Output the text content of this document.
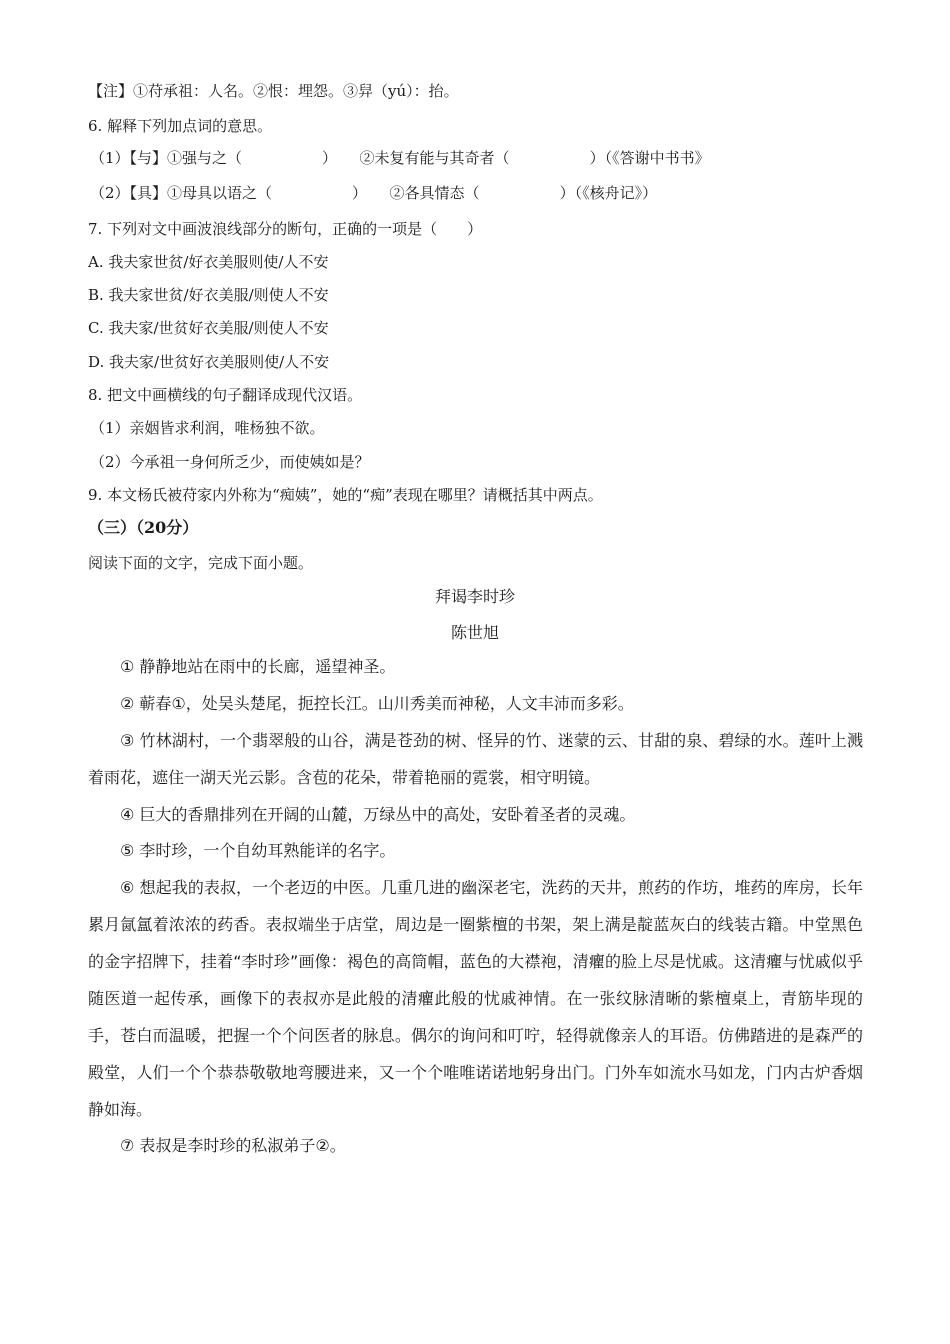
【注】①苻承祖：人名。②恨：埋怨。③舁（yú）：抬。
6. 解释下列加点词的意思。
（1）【与】①强与之（	）　　②未复有能与其奇者（	）（《答谢中书书》
（2）【具】①母具以语之（	）　　②各具情态（	）（《核舟记》）
7. 下列对文中画波浪线部分的断句，正确的一项是（　　）
A. 我夫家世贫/好衣美服则使/人不安
B. 我夫家世贫/好衣美服/则使人不安
C. 我夫家/世贫好衣美服/则使人不安
D. 我夫家/世贫好衣美服则使/人不安
8. 把文中画横线的句子翻译成现代汉语。
（1）亲姻皆求利润，唯杨独不欲。
（2）今承祖一身何所乏少，而使姨如是？
9. 本文杨氏被苻家内外称为“痴姨”，她的“痴”表现在哪里？请概括其中两点。
（三）（20分）
阅读下面的文字，完成下面小题。
拜谒李时珍
陈世旭
① 静静地站在雨中的长廊，遥望神圣。
② 蕲春①，处吴头楚尾，扼控长江。山川秀美而神秘，人文丰沛而多彩。
③ 竹林湖村，一个翡翠般的山谷，满是苍劲的树、怪异的竹、迷蒙的云、甘甜的泉、碧绿的水。莲叶上溅着雨花，遮住一湖天光云影。含苞的花朵，带着艳丽的霓裳，相守明镜。
④ 巨大的香鼎排列在开阔的山麓，万绿丛中的高处，安卧着圣者的灵魂。
⑤ 李时珍，一个自幼耳熟能详的名字。
⑥ 想起我的表叔，一个老迈的中医。几重几进的幽深老宅，洗药的天井，煎药的作坊，堆药的库房，长年累月氤氲着浓浓的药香。表叔端坐于店堂，周边是一圈紫檀的书架，架上满是靛蓝灰白的线装古籍。中堂黑色的金字招牌下，挂着“李时珍”画像：褐色的高筒帽，蓝色的大襟袍，清癯的脸上尽是忧戚。这清癯与忧戚似乎随医道一起传承，画像下的表叔亦是此般的清癯此般的忧戚神情。在一张纹脉清晰的紫檀桌上，青筋毕现的手，苍白而温暖，把握一个个问医者的脉息。偶尔的询问和叮咛，轻得就像亲人的耳语。仿佛踏进的是森严的殿堂，人们一个个恭恭敬敬地弯腰进来，又一个个唯唯诺诺地躬身出门。门外车如流水马如龙，门内古炉香烟静如海。
⑦ 表叔是李时珍的私淑弟子②。
